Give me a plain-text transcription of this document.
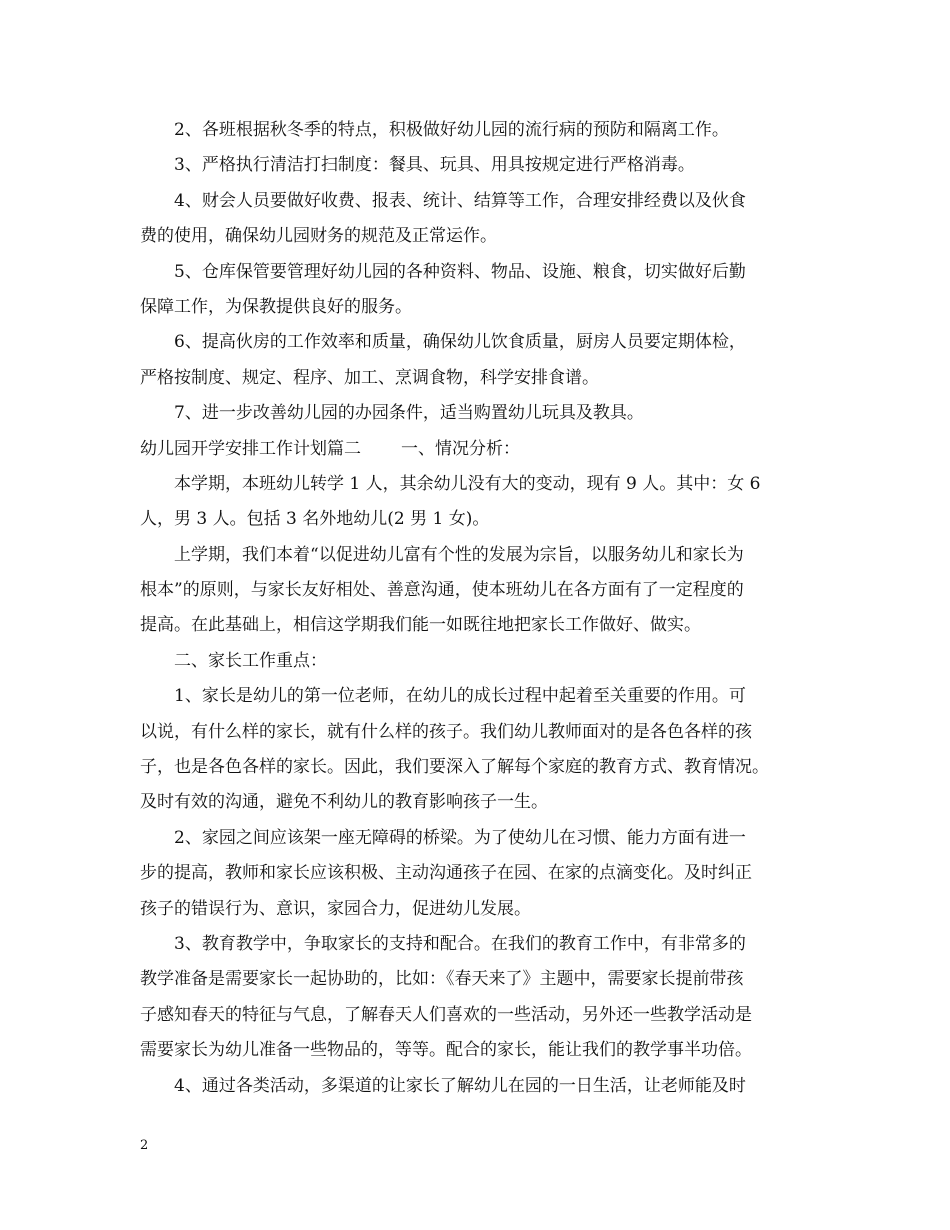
2、各班根据秋冬季的特点，积极做好幼儿园的流行病的预防和隔离工作。
3、严格执行清洁打扫制度：餐具、玩具、用具按规定进行严格消毒。
4、财会人员要做好收费、报表、统计、结算等工作，合理安排经费以及伙食
费的使用，确保幼儿园财务的规范及正常运作。
5、仓库保管要管理好幼儿园的各种资料、物品、设施、粮食，切实做好后勤
保障工作，为保教提供良好的服务。
6、提高伙房的工作效率和质量，确保幼儿饮食质量，厨房人员要定期体检，
严格按制度、规定、程序、加工、烹调食物，科学安排食谱。
7、进一步改善幼儿园的办园条件，适当购置幼儿玩具及教具。
幼儿园开学安排工作计划篇二 一、情况分析：
本学期，本班幼儿转学 1 人，其余幼儿没有大的变动，现有 9 人。其中：女 6
人，男 3 人。包括 3 名外地幼儿(2 男 1 女)。
上学期，我们本着“以促进幼儿富有个性的发展为宗旨，以服务幼儿和家长为
根本”的原则，与家长友好相处、善意沟通，使本班幼儿在各方面有了一定程度的
提高。在此基础上，相信这学期我们能一如既往地把家长工作做好、做实。
二、家长工作重点：
1、家长是幼儿的第一位老师，在幼儿的成长过程中起着至关重要的作用。可
以说，有什么样的家长，就有什么样的孩子。我们幼儿教师面对的是各色各样的孩
子，也是各色各样的家长。因此，我们要深入了解每个家庭的教育方式、教育情况。
及时有效的沟通，避免不利幼儿的教育影响孩子一生。
2、家园之间应该架一座无障碍的桥梁。为了使幼儿在习惯、能力方面有进一
步的提高，教师和家长应该积极、主动沟通孩子在园、在家的点滴变化。及时纠正
孩子的错误行为、意识，家园合力，促进幼儿发展。
3、教育教学中，争取家长的支持和配合。在我们的教育工作中，有非常多的
教学准备是需要家长一起协助的，比如：《春天来了》主题中，需要家长提前带孩
子感知春天的特征与气息，了解春天人们喜欢的一些活动，另外还一些教学活动是
需要家长为幼儿准备一些物品的，等等。配合的家长，能让我们的教学事半功倍。
4、通过各类活动，多渠道的让家长了解幼儿在园的一日生活，让老师能及时
2
